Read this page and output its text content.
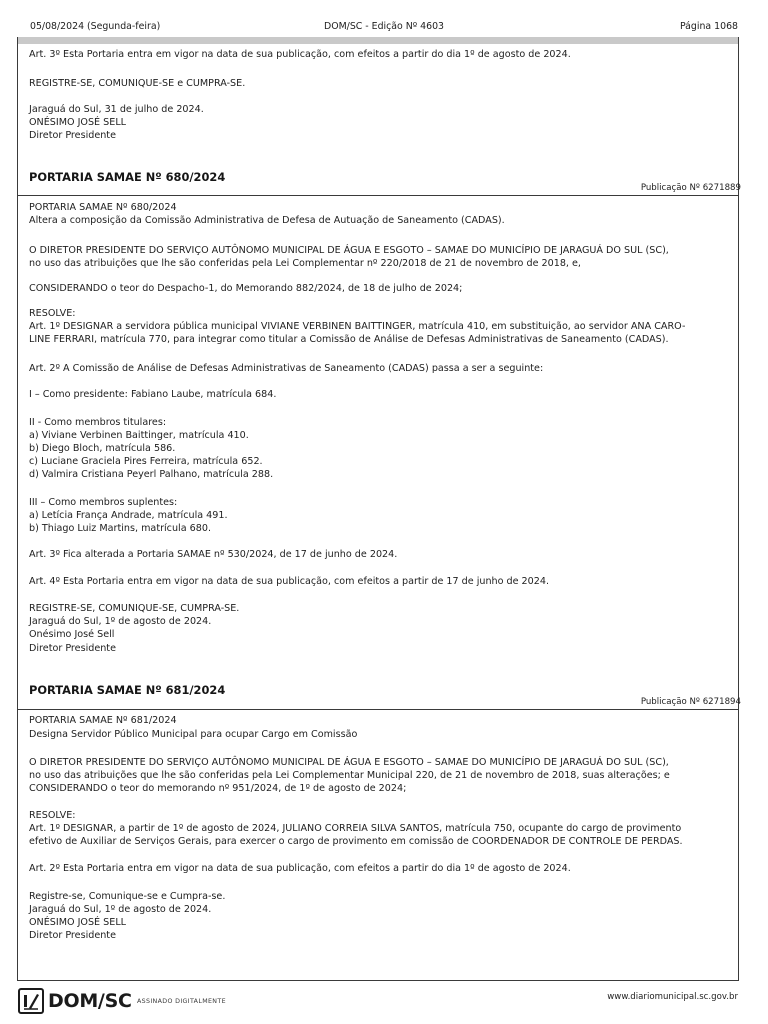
05/08/2024 (Segunda-feira)	DOM/SC - Edição Nº 4603	Página 1068

Art. 3º Esta Portaria entra em vigor na data de sua publicação, com efeitos a partir do dia 1º de agosto de 2024.

REGISTRE-SE, COMUNIQUE-SE e CUMPRA-SE.

Jaraguá do Sul, 31 de julho de 2024.

ONÉSIMO JOSÉ SELL

Diretor Presidente

PORTARIA SAMAE Nº 680/2024

Publicação Nº 6271889

PORTARIA SAMAE Nº 680/2024

Altera a composição da Comissão Administrativa de Defesa de Autuação de Saneamento (CADAS).

O DIRETOR PRESIDENTE DO SERVIÇO AUTÔNOMO MUNICIPAL DE ÁGUA E ESGOTO – SAMAE DO MUNICÍPIO DE JARAGUÁ DO SUL (SC),

no uso das atribuições que lhe são conferidas pela Lei Complementar nº 220/2018 de 21 de novembro de 2018, e,

CONSIDERANDO o teor do Despacho-1, do Memorando 882/2024, de 18 de julho de 2024;

RESOLVE:

Art. 1º DESIGNAR a servidora pública municipal VIVIANE VERBINEN BAITTINGER, matrícula 410, em substituição, ao servidor ANA CARO-

LINE FERRARI, matrícula 770, para integrar como titular a Comissão de Análise de Defesas Administrativas de Saneamento (CADAS).

Art. 2º A Comissão de Análise de Defesas Administrativas de Saneamento (CADAS) passa a ser a seguinte:

I – Como presidente: Fabiano Laube, matrícula 684.

II - Como membros titulares:

a) Viviane Verbinen Baittinger, matrícula 410.

b) Diego Bloch, matrícula 586.

c) Luciane Graciela Pires Ferreira, matrícula 652.

d) Valmira Cristiana Peyerl Palhano, matrícula 288.

III – Como membros suplentes:

a) Letícia França Andrade, matrícula 491.

b) Thiago Luiz Martins, matrícula 680.

Art. 3º Fica alterada a Portaria SAMAE nº 530/2024, de 17 de junho de 2024.

Art. 4º Esta Portaria entra em vigor na data de sua publicação, com efeitos a partir de 17 de junho de 2024.

REGISTRE-SE, COMUNIQUE-SE, CUMPRA-SE.

Jaraguá do Sul, 1º de agosto de 2024.

Onésimo José Sell

Diretor Presidente

PORTARIA SAMAE Nº 681/2024

Publicação Nº 6271894

PORTARIA SAMAE Nº 681/2024

Designa Servidor Público Municipal para ocupar Cargo em Comissão

O DIRETOR PRESIDENTE DO SERVIÇO AUTÔNOMO MUNICIPAL DE ÁGUA E ESGOTO – SAMAE DO MUNICÍPIO DE JARAGUÁ DO SUL (SC),

no uso das atribuições que lhe são conferidas pela Lei Complementar Municipal 220, de 21 de novembro de 2018, suas alterações; e

CONSIDERANDO o teor do memorando nº 951/2024, de 1º de agosto de 2024;

RESOLVE:

Art. 1º DESIGNAR, a partir de 1º de agosto de 2024, JULIANO CORREIA SILVA SANTOS, matrícula 750, ocupante do cargo de provimento

efetivo de Auxiliar de Serviços Gerais, para exercer o cargo de provimento em comissão de COORDENADOR DE CONTROLE DE PERDAS.

Art. 2º Esta Portaria entra em vigor na data de sua publicação, com efeitos a partir do dia 1º de agosto de 2024.

Registre-se, Comunique-se e Cumpra-se.

Jaraguá do Sul, 1º de agosto de 2024.

ONÉSIMO JOSÉ SELL

Diretor Presidente

DOM/SC ASSINADO DIGITALMENTE	www.diariomunicipal.sc.gov.br
